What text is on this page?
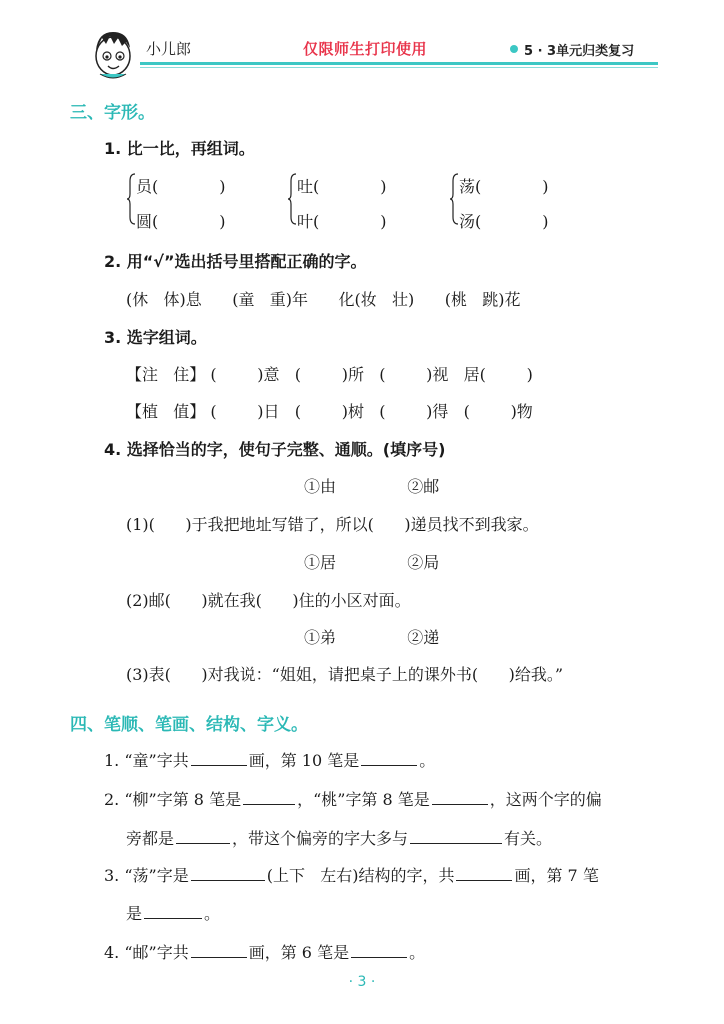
小儿郎	仅限师生打印使用	5 · 3单元归类复习
三、字形。
1. 比一比，再组词。
员(            )
圆(            )
吐(            )
叶(            )
荡(            )
汤(            )
2. 用“√”选出括号里搭配正确的字。
(休   体)息      (童   重)年      化(妆   壮)      (桃   跳)花
3. 选字组词。
【注   住】 (        )意   (        )所   (        )视   居(        )
【植   值】 (        )日   (        )树   (        )得   (        )物
4. 选择恰当的字，使句子完整、通顺。(填序号)
①由              ②邮
(1)(      )于我把地址写错了，所以(      )递员找不到我家。
①居              ②局
(2)邮(      )就在我(      )住的小区对面。
①弟              ②递
(3)表(      )对我说：“姐姐，请把桌子上的课外书(      )给我。”
四、笔顺、笔画、结构、字义。
1. “童”字共	画，第 10 笔是	。
2. “柳”字第 8 笔是	，“桃”字第 8 笔是	，这两个字的偏
旁都是	，带这个偏旁的字大多与	有关。
3. “荡”字是	(上下   左右)结构的字，共	画，第 7 笔
是	。
4. “邮”字共	画，第 6 笔是	。
· 3 ·
